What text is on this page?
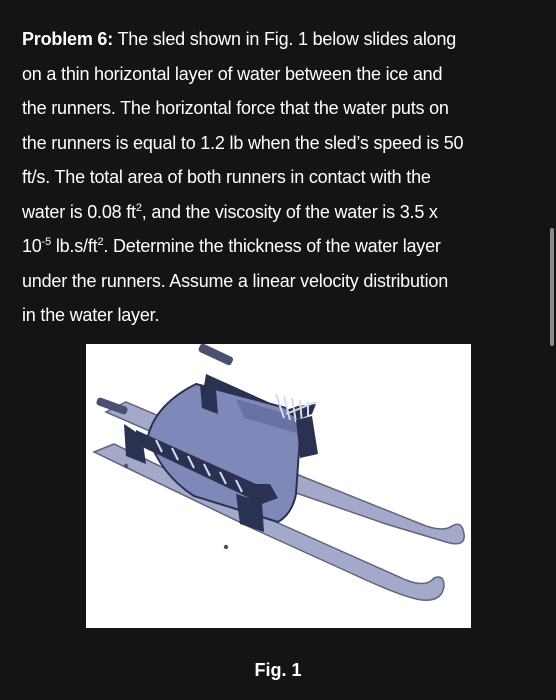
Problem 6: The sled shown in Fig. 1 below slides along
on a thin horizontal layer of water between the ice and
the runners. The horizontal force that the water puts on
the runners is equal to 1.2 lb when the sled’s speed is 50
ft/s. The total area of both runners in contact with the
water is 0.08 $ft^2$, and the viscosity of the water is 3.5 x
$10^{-5}$ $lb.s/ft^2$. Determine the thickness of the water layer
under the runners. Assume a linear velocity distribution
in the water layer.
Fig. 1
